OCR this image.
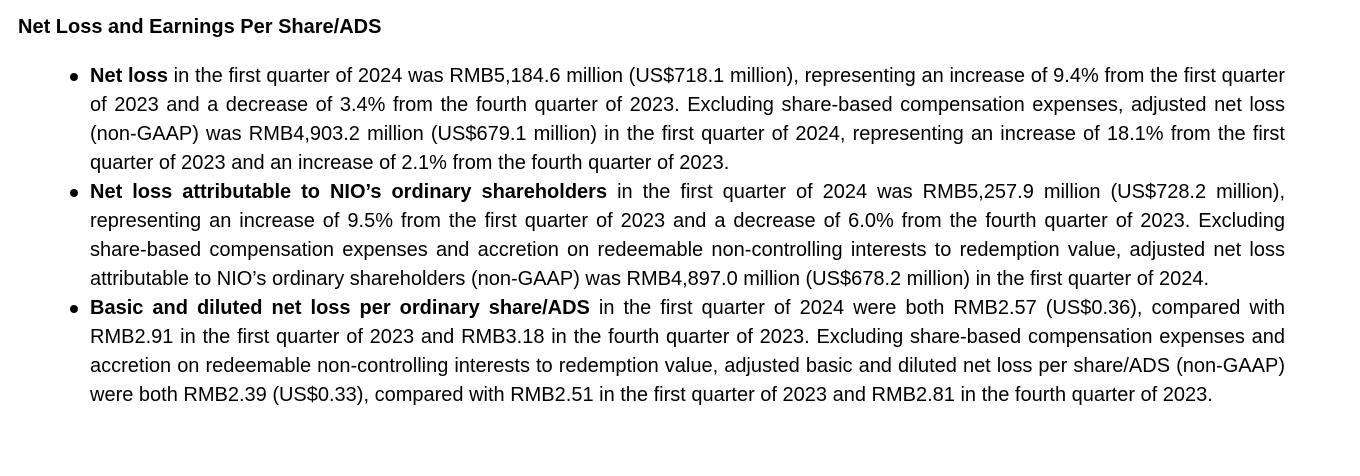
Net Loss and Earnings Per Share/ADS
Net loss in the first quarter of 2024 was RMB5,184.6 million (US$718.1 million), representing an increase of 9.4% from the first quarter of 2023 and a decrease of 3.4% from the fourth quarter of 2023. Excluding share-based compensation expenses, adjusted net loss (non-GAAP) was RMB4,903.2 million (US$679.1 million) in the first quarter of 2024, representing an increase of 18.1% from the first quarter of 2023 and an increase of 2.1% from the fourth quarter of 2023.
Net loss attributable to NIO’s ordinary shareholders in the first quarter of 2024 was RMB5,257.9 million (US$728.2 million), representing an increase of 9.5% from the first quarter of 2023 and a decrease of 6.0% from the fourth quarter of 2023. Excluding share-based compensation expenses and accretion on redeemable non-controlling interests to redemption value, adjusted net loss attributable to NIO’s ordinary shareholders (non-GAAP) was RMB4,897.0 million (US$678.2 million) in the first quarter of 2024.
Basic and diluted net loss per ordinary share/ADS in the first quarter of 2024 were both RMB2.57 (US$0.36), compared with RMB2.91 in the first quarter of 2023 and RMB3.18 in the fourth quarter of 2023. Excluding share-based compensation expenses and accretion on redeemable non-controlling interests to redemption value, adjusted basic and diluted net loss per share/ADS (non-GAAP) were both RMB2.39 (US$0.33), compared with RMB2.51 in the first quarter of 2023 and RMB2.81 in the fourth quarter of 2023.
